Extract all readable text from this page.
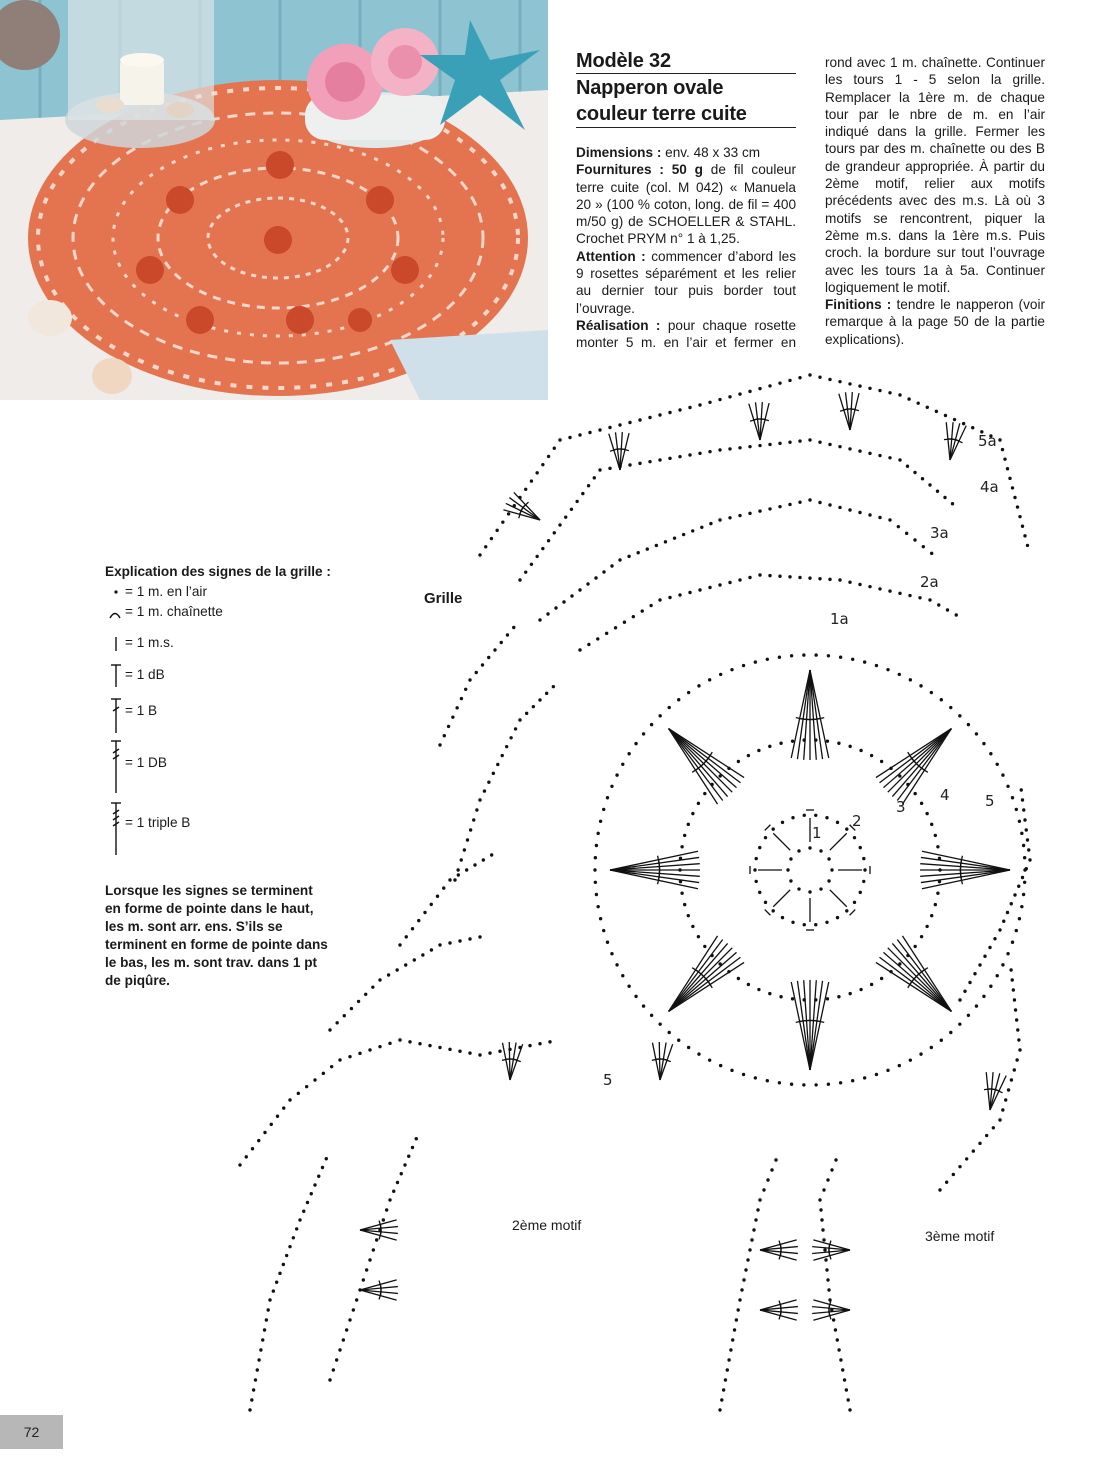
Modèle 32
Napperon ovale
couleur terre cuite

Dimensions : env. 48 x 33 cm

Fournitures : 50 g de fil couleur terre cuite (col. M 042) « Manuela 20 » (100 % coton, long. de fil = 400 m/50 g) de SCHOELLER & STAHL. Crochet PRYM n° 1 à 1,25.

Attention : commencer d’abord les 9 rosettes séparément et les relier au dernier tour puis border tout l’ouvrage.

Réalisation : pour chaque rosette monter 5 m. en l’air et fermer en

rond avec 1 m. chaînette. Continuer les tours 1 - 5 selon la grille. Remplacer la 1ère m. de chaque tour par le nbre de m. en l’air indiqué dans la grille. Fermer les tours par des m. chaînette ou des B de grandeur appropriée. À partir du 2ème motif, relier aux motifs précédents avec des m.s. Là où 3 motifs se rencontrent, piquer la 2ème m.s. dans la 1ère m.s. Puis croch. la bordure sur tout l’ouvrage avec les tours 1a à 5a. Continuer logiquement le motif.

Finitions : tendre le napperon (voir remarque à la page 50 de la partie explications).

Explication des signes de la grille :
= 1 m. en l’air
= 1 m. chaînette
= 1 m.s.
= 1 dB
= 1 B
= 1 DB
= 1 triple B
Lorsque les signes se terminent en forme de pointe dans le haut, les m. sont arr. ens. S’ils se terminent en forme de pointe dans le bas, les m. sont trav. dans 1 pt de piqûre.
Grille
1
2
3
4 5
1a
2a
3a
4a
5a
5
2ème motif
3ème motif
72
